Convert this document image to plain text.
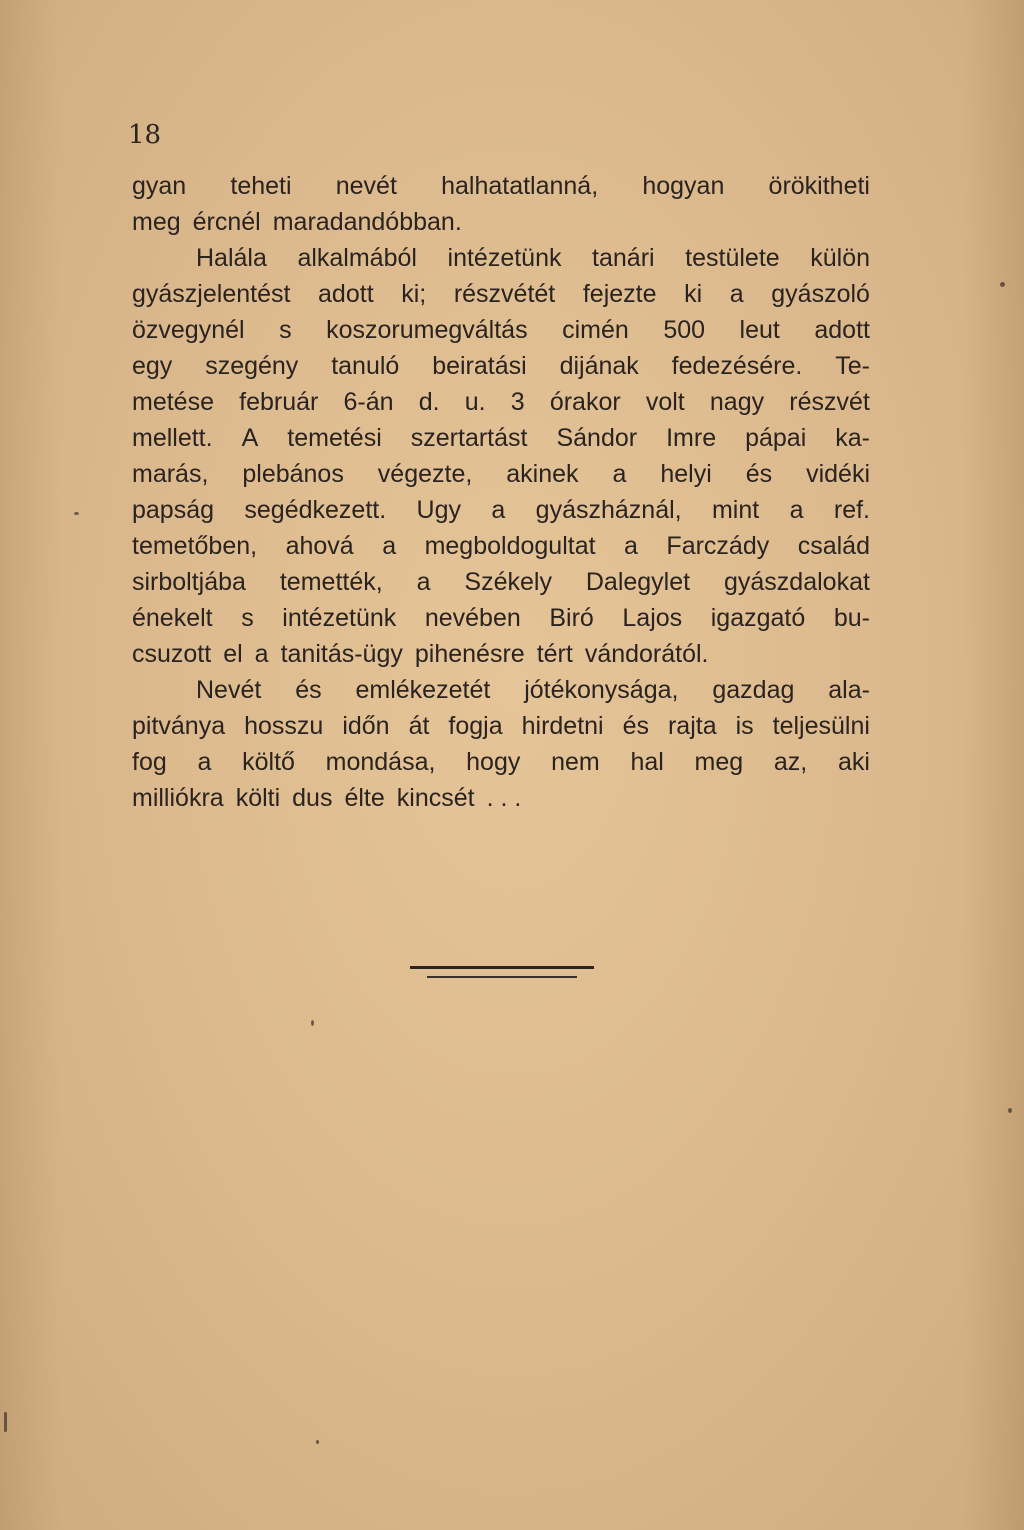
18
gyan teheti nevét halhatatlanná, hogyan örökitheti
meg ércnél maradandóbban.
Halála alkalmából intézetünk tanári testülete külön
gyászjelentést adott ki; részvétét fejezte ki a gyászoló
özvegynél s koszorumegváltás cimén 500 leut adott
egy szegény tanuló beiratási dijának fedezésére. Te-
metése február 6-án d. u. 3 órakor volt nagy részvét
mellett. A temetési szertartást Sándor Imre pápai ka-
marás, plebános végezte, akinek a helyi és vidéki
papság segédkezett. Ugy a gyászháznál, mint a ref.
temetőben, ahová a megboldogultat a Farczády család
sirboltjába temették, a Székely Dalegylet gyászdalokat
énekelt s intézetünk nevében Biró Lajos igazgató bu-
csuzott el a tanitás-ügy pihenésre tért vándorától.
Nevét és emlékezetét jótékonysága, gazdag ala-
pitványa hosszu időn át fogja hirdetni és rajta is teljesülni
fog a költő mondása, hogy nem hal meg az, aki
milliókra költi dus élte kincsét . . .
